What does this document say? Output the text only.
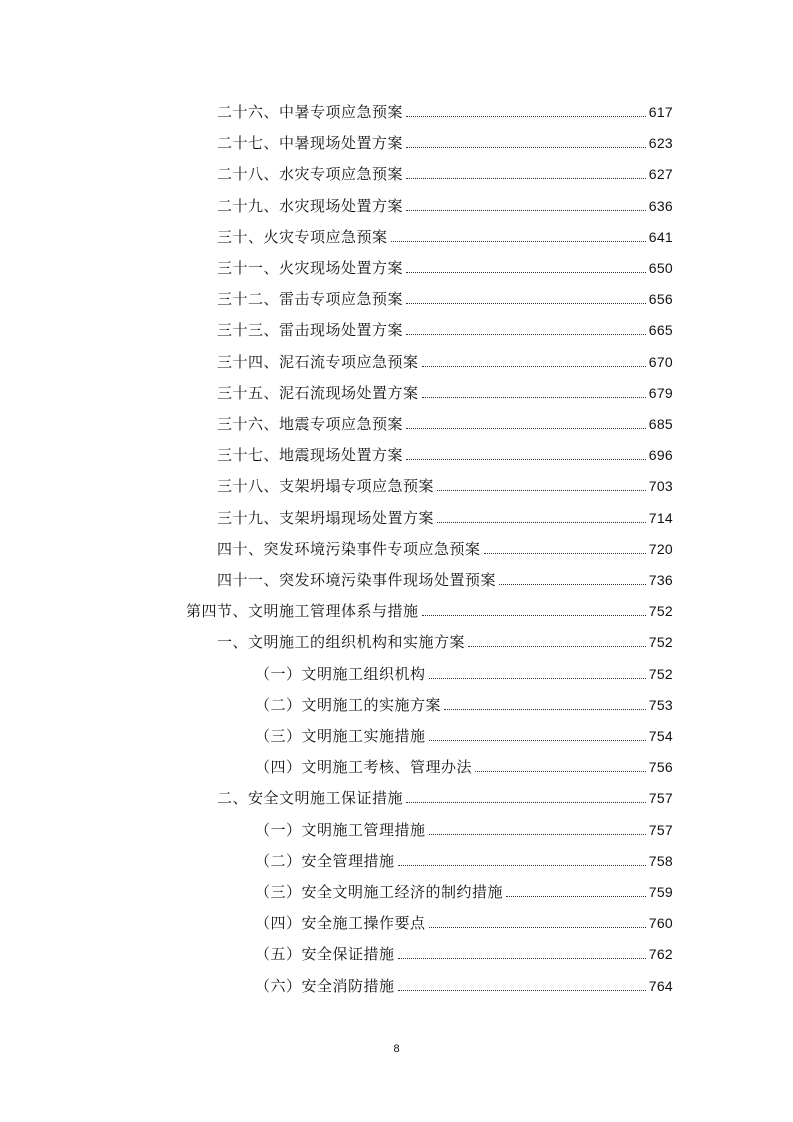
二十六、中暑专项应急预案	617
二十七、中暑现场处置方案	623
二十八、水灾专项应急预案	627
二十九、水灾现场处置方案	636
三十、火灾专项应急预案	641
三十一、火灾现场处置方案	650
三十二、雷击专项应急预案	656
三十三、雷击现场处置方案	665
三十四、泥石流专项应急预案	670
三十五、泥石流现场处置方案	679
三十六、地震专项应急预案	685
三十七、地震现场处置方案	696
三十八、支架坍塌专项应急预案	703
三十九、支架坍塌现场处置方案	714
四十、突发环境污染事件专项应急预案	720
四十一、突发环境污染事件现场处置预案	736
第四节、文明施工管理体系与措施	752
一、文明施工的组织机构和实施方案	752
（一）文明施工组织机构	752
（二）文明施工的实施方案	753
（三）文明施工实施措施	754
（四）文明施工考核、管理办法	756
二、安全文明施工保证措施	757
（一）文明施工管理措施	757
（二）安全管理措施	758
（三）安全文明施工经济的制约措施	759
（四）安全施工操作要点	760
（五）安全保证措施	762
（六）安全消防措施	764
8
